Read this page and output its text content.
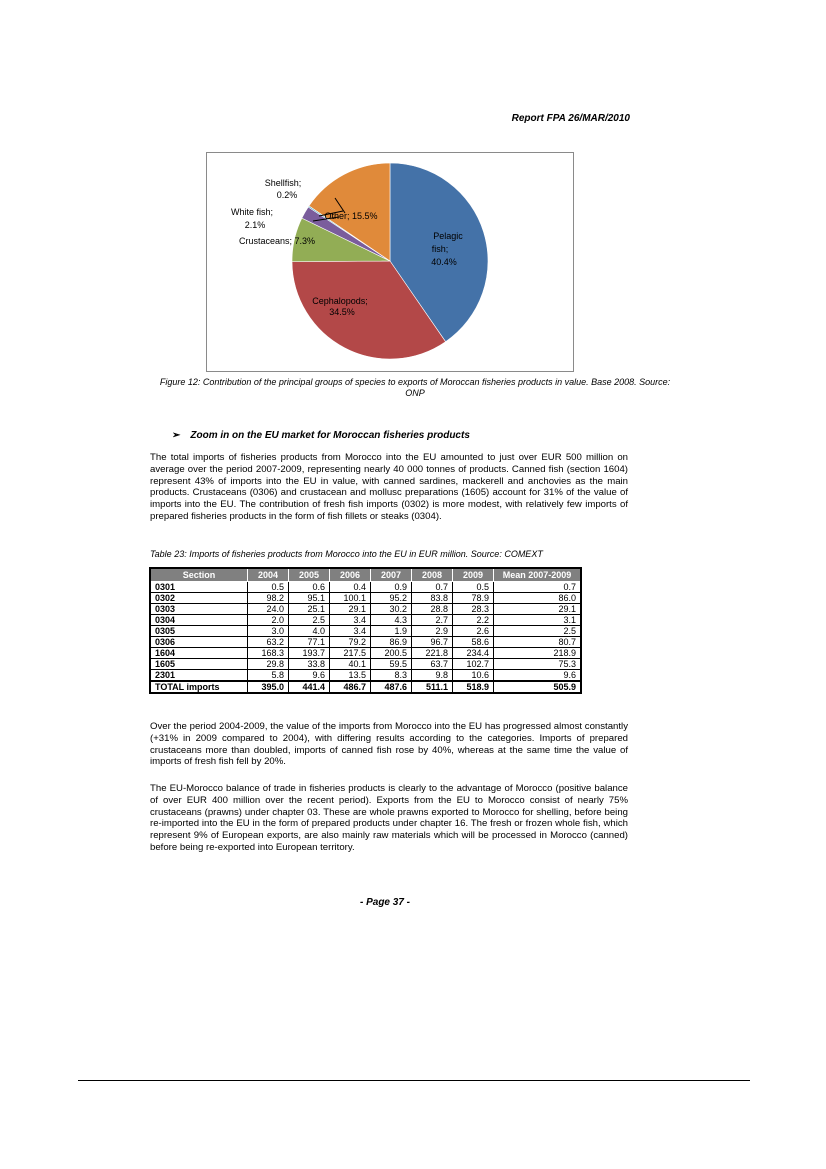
Report FPA 26/MAR/2010
Shellfish;
0.2%
White fish;
2.1%
Crustaceans; 7.3%
Other; 15.5%
Pelagic
fish;
40.4%
Cephalopods;
34.5%
Figure 12: Contribution of the principal groups of species to exports of Moroccan fisheries products in value. Base 2008. Source: ONP
➢ Zoom in on the EU market for Moroccan fisheries products

The total imports of fisheries products from Morocco into the EU amounted to just over EUR 500 million on average over the period 2007-2009, representing nearly 40 000 tonnes of products. Canned fish (section 1604) represent 43% of imports into the EU in value, with canned sardines, mackerell and anchovies as the main products. Crustaceans (0306) and crustacean and mollusc preparations (1605) account for 31% of the value of imports into the EU. The contribution of fresh fish imports (0302) is more modest, with relatively few imports of prepared fisheries products in the form of fish fillets or steaks (0304).

Table 23: Imports of fisheries products from Morocco into the EU in EUR million. Source: COMEXT
Section	2004	2005	2006	2007	2008	2009	Mean 2007-2009
0301	0.5	0.6	0.4	0.9	0.7	0.5	0.7
0302	98.2	95.1	100.1	95.2	83.8	78.9	86.0
0303	24.0	25.1	29.1	30.2	28.8	28.3	29.1
0304	2.0	2.5	3.4	4.3	2.7	2.2	3.1
0305	3.0	4.0	3.4	1.9	2.9	2.6	2.5
0306	63.2	77.1	79.2	86.9	96.7	58.6	80.7
1604	168.3	193.7	217.5	200.5	221.8	234.4	218.9
1605	29.8	33.8	40.1	59.5	63.7	102.7	75.3
2301	5.8	9.6	13.5	8.3	9.8	10.6	9.6
TOTAL imports	395.0	441.4	486.7	487.6	511.1	518.9	505.9

Over the period 2004-2009, the value of the imports from Morocco into the EU has progressed almost constantly (+31% in 2009 compared to 2004), with differing results according to the categories. Imports of prepared crustaceans more than doubled, imports of canned fish rose by 40%, whereas at the same time the value of imports of fresh fish fell by 20%.

The EU-Morocco balance of trade in fisheries products is clearly to the advantage of Morocco (positive balance of over EUR 400 million over the recent period). Exports from the EU to Morocco consist of nearly 75% crustaceans (prawns) under chapter 03. These are whole prawns exported to Morocco for shelling, before being re-imported into the EU in the form of prepared products under chapter 16. The fresh or frozen whole fish, which represent 9% of European exports, are also mainly raw materials which will be processed in Morocco (canned) before being re-exported into European territory.

- Page 37 -
